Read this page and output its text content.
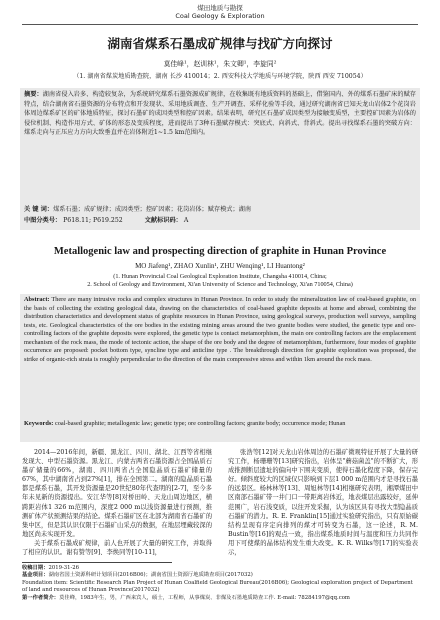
煤田地质与勘探
Coal Geology & Exploration
湖南省煤系石墨成矿规律与找矿方向探讨
莫佳峰¹，赵训林¹，朱文卿¹，李旋同²
（1. 湖南省煤炭地质勘查院，湖南 长沙 410014；2. 西安科技大学地质与环境学院，陕西 西安 710054）
摘要：湖南省侵入岩多、构造较复杂，为系统研究煤系石墨资源成矿规律，在收集既有地质资料的基础上，借鉴国内、外的煤系石墨矿床的赋存特点，结合湖南省石墨资源的分布特点和开发现状、采用地质调查、生产开调查、采样化验等手段，通过研究湖南省已知天龙山岩体2个花岗岩体周边煤系矿区的矿体地质特征，探讨石墨矿的成因类型和控矿因素。结果表明，研究区石墨矿成因类型为接触变质型，主要控矿因素为岩体的侵位机制、构造作用方式、矿体的形态及变质程度，进而提出了3种石墨赋存模式：突底式、向斜式、背斜式。提出寻找煤系石墨的突破方向：煤系走向与正压应力方向大致垂直并在岩体附近1~1.5 km范围内。
关 键 词：煤系石墨；成矿规律；成因类型；控矿因素；花岗岩体；赋存模式；湖南
中图分类号： P618.11; P619.252	文献标识码： A
Metallogenic law and prospecting direction of graphite in Hunan Province
MO Jiafeng¹, ZHAO Xunlin¹, ZHU Wenqing¹, LI Huantong²
(1. Hunan Provincial Coal Geological Exploration Institute, Changsha 410014, China;
2. School of Geology and Environment, Xi'an University of Science and Technology, Xi'an 710054, China)
Abstract: There are many intrusive rocks and complex structures in Hunan Province. In order to study the mineralization law of coal-based graphite, on the basis of collecting the existing geological data, drawing on the characteristics of coal-based graphite deposits at home and abroad, combining the distribution characteristics and development status of graphite resources in Hunan Province, using geological surveys, production well surveys, sampling tests, etc. Geological characteristics of the ore bodies in the existing mining areas around the two granite bodies were studied, the genetic type and ore-controlling factors of the graphite deposits were explored, the genetic type is contact metamorphism, the main ore controlling factors are the emplacement mechanism of the rock mass, the mode of tectonic action, the shape of the ore body and the degree of metamorphism, furthermore, four modes of graphite occurrence are proposed: pocket bottom type, syncline type and anticline type . The breakthrough direction for graphite exploration was proposed, the strike of organic-rich strata is roughly perpendicular to the direction of the main compressive stress and within 1km around the rock mass.
Keywords: coal-based graphite; metallogenic law; genetic type; ore controlling factors; granite body; occurrence mode; Hunan

2014—2016年间，新疆、黑龙江、四川、湖北、江西等省相继发现大、中型石墨资源。黑龙江、内蒙古两省石墨资源占全国晶质石墨矿储量的66%，湖南、四川两省占全国隐晶质石墨矿储量的67%，其中湖南省占到27%[1]，排在全国第二。湖南的隐晶质石墨都是煤系石墨，其开发资源量是20世纪80年代查明的[2-7]，至今多年未见新的资源提出。安江华等[8]对桥田岭、天龙山周边地区，横跨距岩体1 326 m范围内，深度2 000 m以浅资源量进行预测，推测矿体产状预测结果的结论。煤系石墨矿区在北部为湖南省石墨矿的集中区，但是其认识仅限于石墨矿山采点的数据，在地层埋藏较深的地区尚未实现开发。

关于煤系石墨成矿规律，前人也开展了大量的研究工作，并取得了相应的认识。谢有赞等[9]、李焕同等[10-11]，

张浩等[12]对天龙山岩体周边的石墨矿微观特征开展了大量的研究工作，杨珊珊等[13]研究指出，岩体呈"蘑菇菌盖"的不断扩大，形成推测断层遗址的偏向中下围夹变质，使得石墨化程度下降，保存完好。倾斜度较大的区域仅只影响到下层1 000 m范围内才是寻找石墨的远景区。杨林林等[13]、周旭林等[14]相继研究表明，湘潭煤田中区南部石墨矿带一井门口一带距离岩体近，地表煤层出露较好，延伸范围广，岩石浅变质，以往开发采掘，认为该区具有寻找大型隐晶质石墨矿的潜力。R. E. Franklin[15]通过实验研究指出，只有原始碳结构呈现有序定向排列的煤才可转变为石墨，这一论述，R. M. Bustin等[16]的观点一致，指出煤系地质时间与温度和压力共同作用下可使煤的晶体结构发生重大改变。K. R. Wilks等[17]的实验表示，

收稿日期：2019-31-26
基金项目：湖南省国土资源科研计划项目(2016B06)；湖南省国土资源厅地质勘查项目(2017032)
Foundation item: Scientific Research Plan Project of Hunan Coalfield Geological Bureau(2016B06); Geological exploration project of Department of land and resources of Hunan Province(2017032)
第一作者简介：莫佳峰，1983年生，男，广西来宾人，硕士，工程师，从事煤炭、非煤及石墨地质勘查工作. E-mail: 78284197@qq.com
